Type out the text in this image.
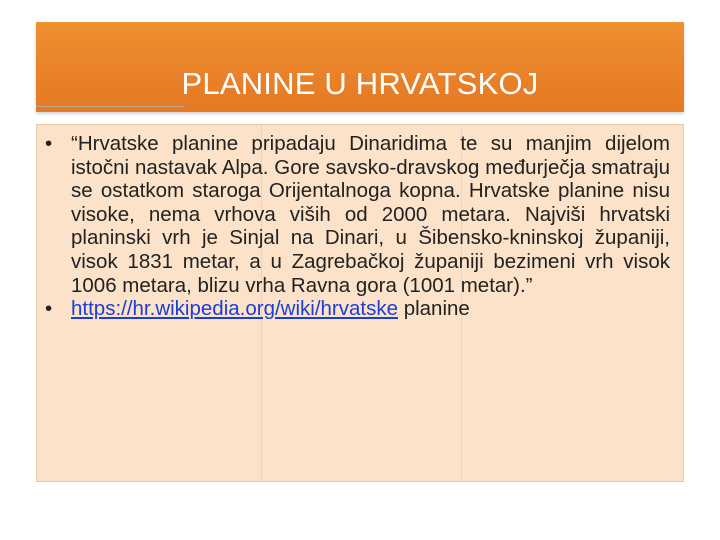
PLANINE U HRVATSKOJ
• “Hrvatske planine pripadaju Dinaridima te su manjim dijelom istočni nastavak Alpa. Gore savsko-dravskog međurječja smatraju se ostatkom staroga Orijentalnoga kopna. Hrvatske planine nisu visoke, nema vrhova viših od 2000 metara. Najviši hrvatski planinski vrh je Sinjal na Dinari, u Šibensko-kninskoj županiji, visok 1831 metar, a u Zagrebačkoj županiji bezimeni vrh visok 1006 metara, blizu vrha Ravna gora (1001 metar).”
• https://hr.wikipedia.org/wiki/hrvatske planine
